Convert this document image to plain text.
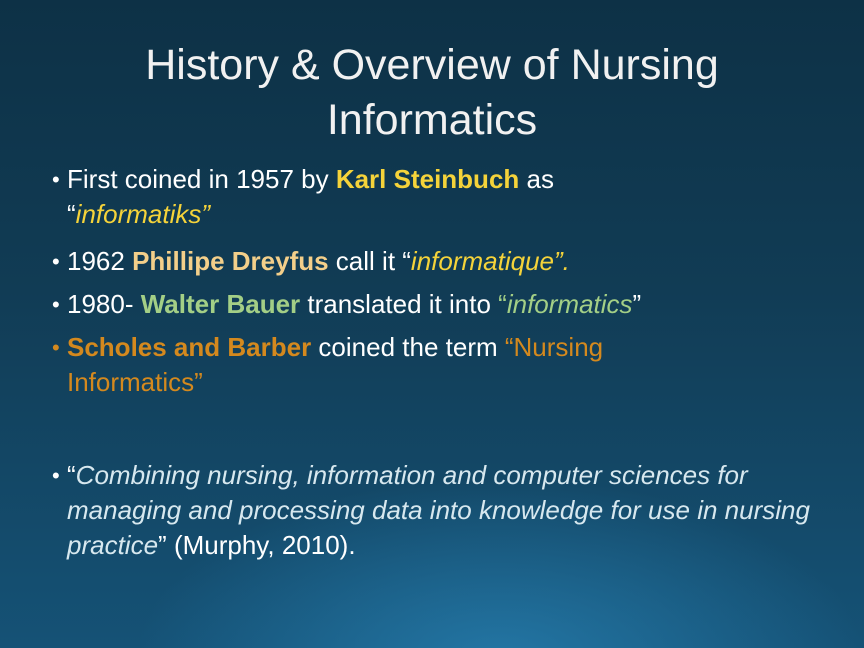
History & Overview of Nursing Informatics
• First coined in 1957 by Karl Steinbuch as
“informatiks”
• 1962 Phillipe Dreyfus call it “informatique”.
• 1980- Walter Bauer translated it into “informatics”
• Scholes and Barber coined the term “Nursing
Informatics”
• “Combining nursing, information and computer sciences for managing and processing data into knowledge for use in nursing practice” (Murphy, 2010).
